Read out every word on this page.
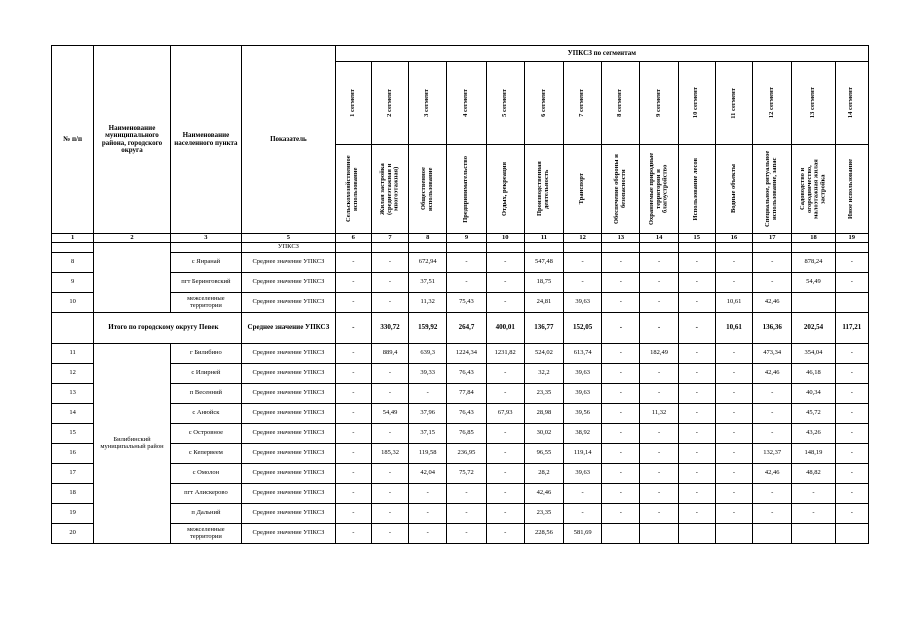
№ п/п	Наименование муниципального района, городского округа	Наименование населенного пункта	Показатель	УПКСЗ по сегментам													

				1 сегмент	2 сегмент	3 сегмент	4 сегмент	5 сегмент	6 сегмент	7 сегмент	8 сегмент	9 сегмент	10 сегмент	11 сегмент	12 сегмент	13 сегмент	14 сегмент

				Сельскохозяйственное использование	Жилая застройка (среднеэтажная и многоэтажная)	Общественное использование	Предпринимательство	Отдых, рекреация	Производственная деятельность	Транспорт	Обеспечение обороны и безопасности	Охраняемые природные территории и благоустройство	Использование лесов	Водные объекты	Специальное, ритуальное использование, запас	Садоводство и огородничество, малоэтажная жилая застройка	Иное использование

1	2	3	5	6	7	8	9	10	11	12	13	14	15	16	17	18	19
			УПКСЗ														
8		с Янранай	Среднее значение УПКСЗ	-	-	672,94	-	-	547,48	-	-	-	-	-	-	878,24	-
9		пгт Беринговский	Среднее значение УПКСЗ	-	-	37,51	-	-	18,75	-	-	-	-	-	-	54,49	-
10		межселенные территории	Среднее значение УПКСЗ	-	-	11,32	75,43	-	24,81	39,63	-	-	-	10,61	42,46		
	Итого по городскому округу Певек		Среднее значение УПКСЗ	-	330,72	159,92	264,7	400,01	136,77	152,05	-	-	-	10,61	136,36	202,54	117,21
11	Билибинский муниципальный район	г Билибино	Среднее значение УПКСЗ	-	889,4	639,3	1224,34	1231,82	524,02	613,74	-	182,49	-	-	473,34	354,04	-
12		с Илирней	Среднее значение УПКСЗ	-	-	39,33	76,43	-	32,2	39,63	-	-	-	-	42,46	46,18	-
13		п Весенний	Среднее значение УПКСЗ	-	-	-	77,84	-	23,35	39,63	-	-	-	-	-	40,34	-
14		с Анюйск	Среднее значение УПКСЗ	-	54,49	37,96	76,43	67,93	28,98	39,56	-	11,32	-	-	-	45,72	-
15		с Островное	Среднее значение УПКСЗ	-	-	37,15	76,85	-	30,02	38,92	-	-	-	-	-	43,26	-
16		с Кепервеем	Среднее значение УПКСЗ	-	185,32	119,58	236,95	-	96,55	119,14	-	-	-	-	132,37	148,19	-
17		с Омолон	Среднее значение УПКСЗ	-	-	42,04	75,72	-	28,2	39,63	-	-	-	-	42,46	48,82	-
18		пгт Алискерово	Среднее значение УПКСЗ	-	-	-	-	-	42,46	-	-	-	-	-	-	-	-
19		п Дальний	Среднее значение УПКСЗ	-	-	-	-	-	23,35	-	-	-	-	-	-	-	-
20		межселенные территории	Среднее значение УПКСЗ	-	-	-	-	-	228,56	581,69							
